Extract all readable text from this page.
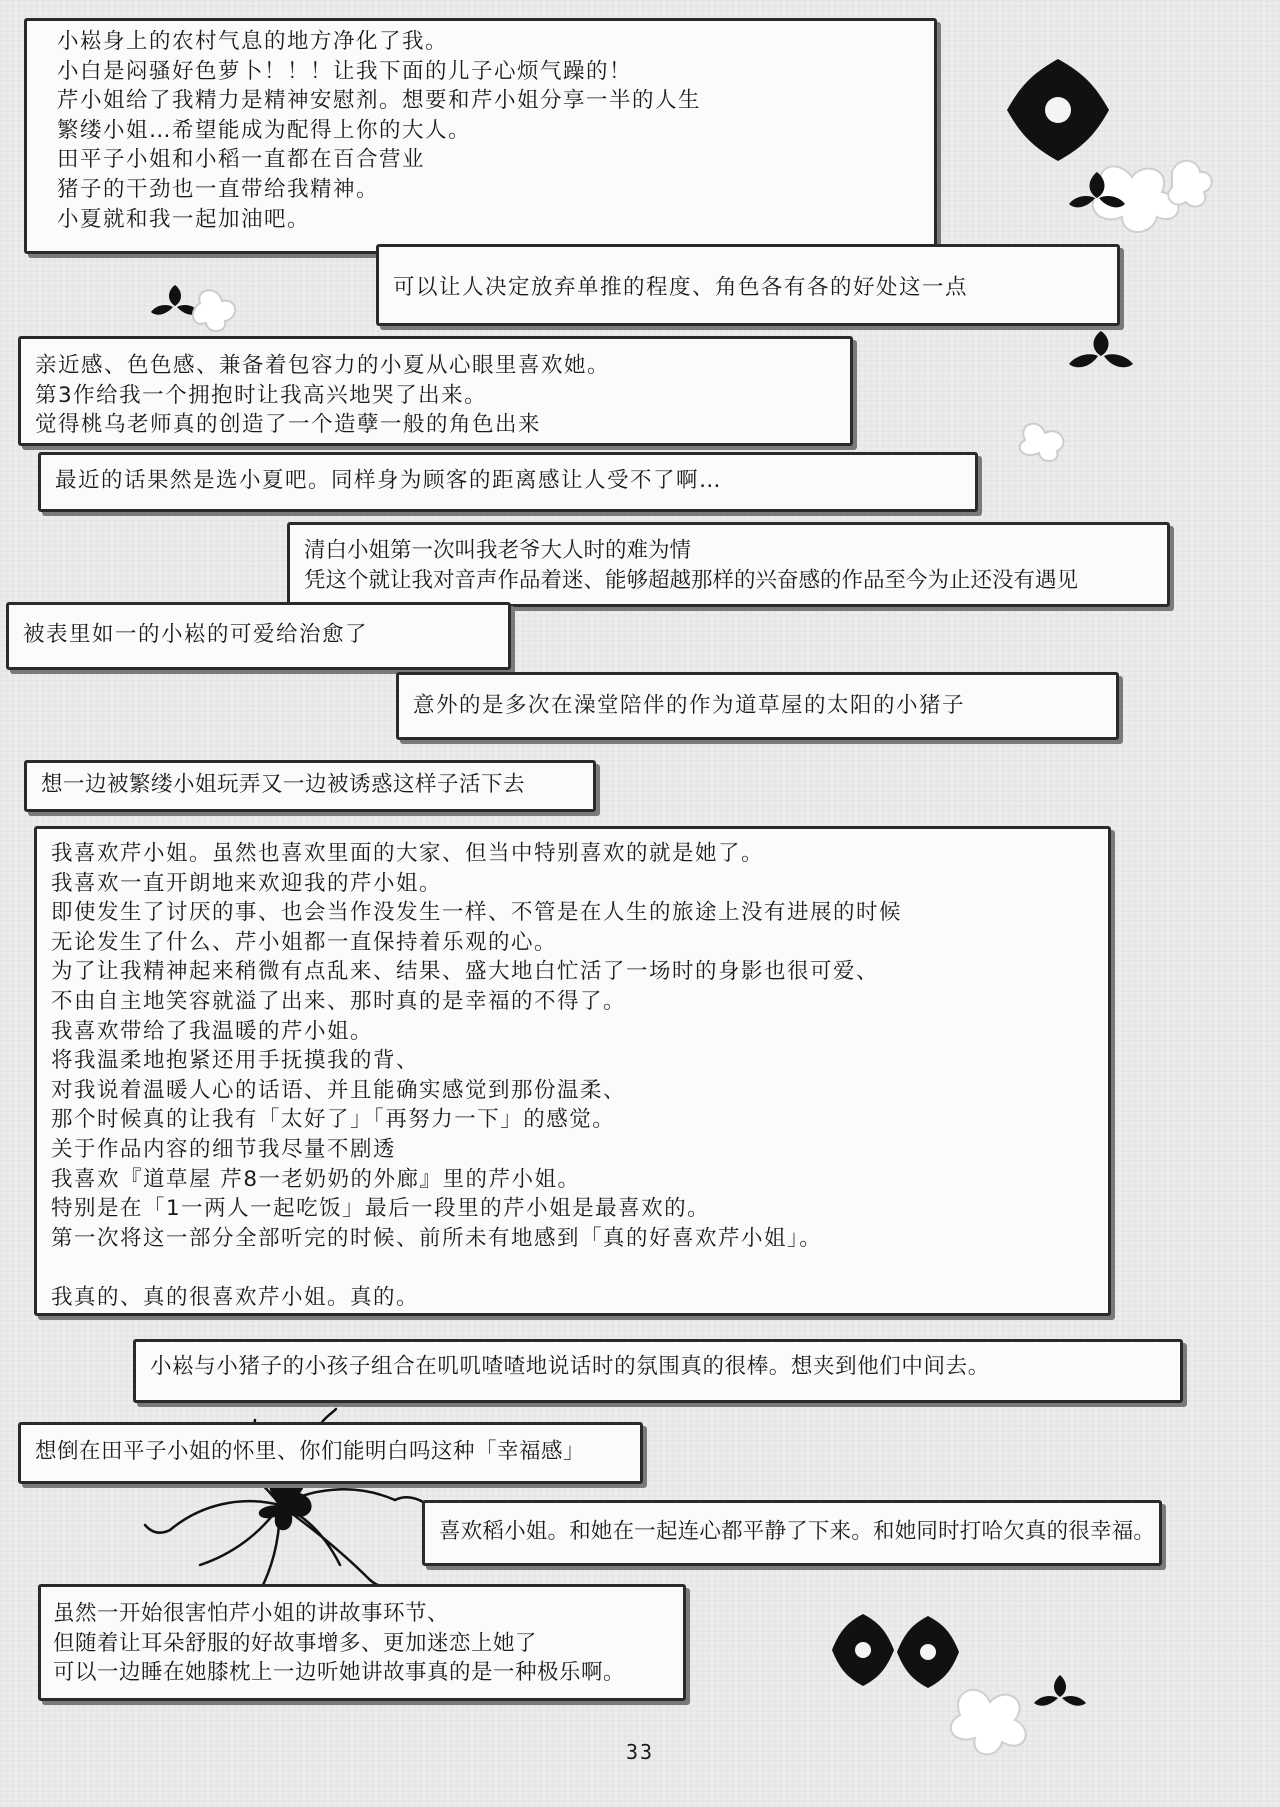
小崧身上的农村气息的地方净化了我。
小白是闷骚好色萝卜！！！让我下面的儿子心烦气躁的！
芹小姐给了我精力是精神安慰剂。想要和芹小姐分享一半的人生
繁缕小姐…希望能成为配得上你的大人。
田平子小姐和小稻一直都在百合营业
猪子的干劲也一直带给我精神。
小夏就和我一起加油吧。
可以让人决定放弃单推的程度、角色各有各的好处这一点
亲近感、色色感、兼备着包容力的小夏从心眼里喜欢她。
第3作给我一个拥抱时让我高兴地哭了出来。
觉得桃乌老师真的创造了一个造孽一般的角色出来
最近的话果然是选小夏吧。同样身为顾客的距离感让人受不了啊…
清白小姐第一次叫我老爷大人时的难为情
凭这个就让我对音声作品着迷、能够超越那样的兴奋感的作品至今为止还没有遇见
被表里如一的小崧的可爱给治愈了
意外的是多次在澡堂陪伴的作为道草屋的太阳的小猪子
想一边被繁缕小姐玩弄又一边被诱惑这样子活下去
我喜欢芹小姐。虽然也喜欢里面的大家、但当中特别喜欢的就是她了。
我喜欢一直开朗地来欢迎我的芹小姐。
即使发生了讨厌的事、也会当作没发生一样、不管是在人生的旅途上没有进展的时候
无论发生了什么、芹小姐都一直保持着乐观的心。
为了让我精神起来稍微有点乱来、结果、盛大地白忙活了一场时的身影也很可爱、
不由自主地笑容就溢了出来、那时真的是幸福的不得了。
我喜欢带给了我温暖的芹小姐。
将我温柔地抱紧还用手抚摸我的背、
对我说着温暖人心的话语、并且能确实感觉到那份温柔、
那个时候真的让我有「太好了」「再努力一下」的感觉。
关于作品内容的细节我尽量不剧透
我喜欢『道草屋 芹8一老奶奶的外廊』里的芹小姐。
特别是在「1一两人一起吃饭」最后一段里的芹小姐是最喜欢的。
第一次将这一部分全部听完的时候、前所未有地感到「真的好喜欢芹小姐」。
我真的、真的很喜欢芹小姐。真的。
小崧与小猪子的小孩子组合在叽叽喳喳地说话时的氛围真的很棒。想夹到他们中间去。
想倒在田平子小姐的怀里、你们能明白吗这种「幸福感」
喜欢稻小姐。和她在一起连心都平静了下来。和她同时打哈欠真的很幸福。
虽然一开始很害怕芹小姐的讲故事环节、
但随着让耳朵舒服的好故事增多、更加迷恋上她了
可以一边睡在她膝枕上一边听她讲故事真的是一种极乐啊。
33
